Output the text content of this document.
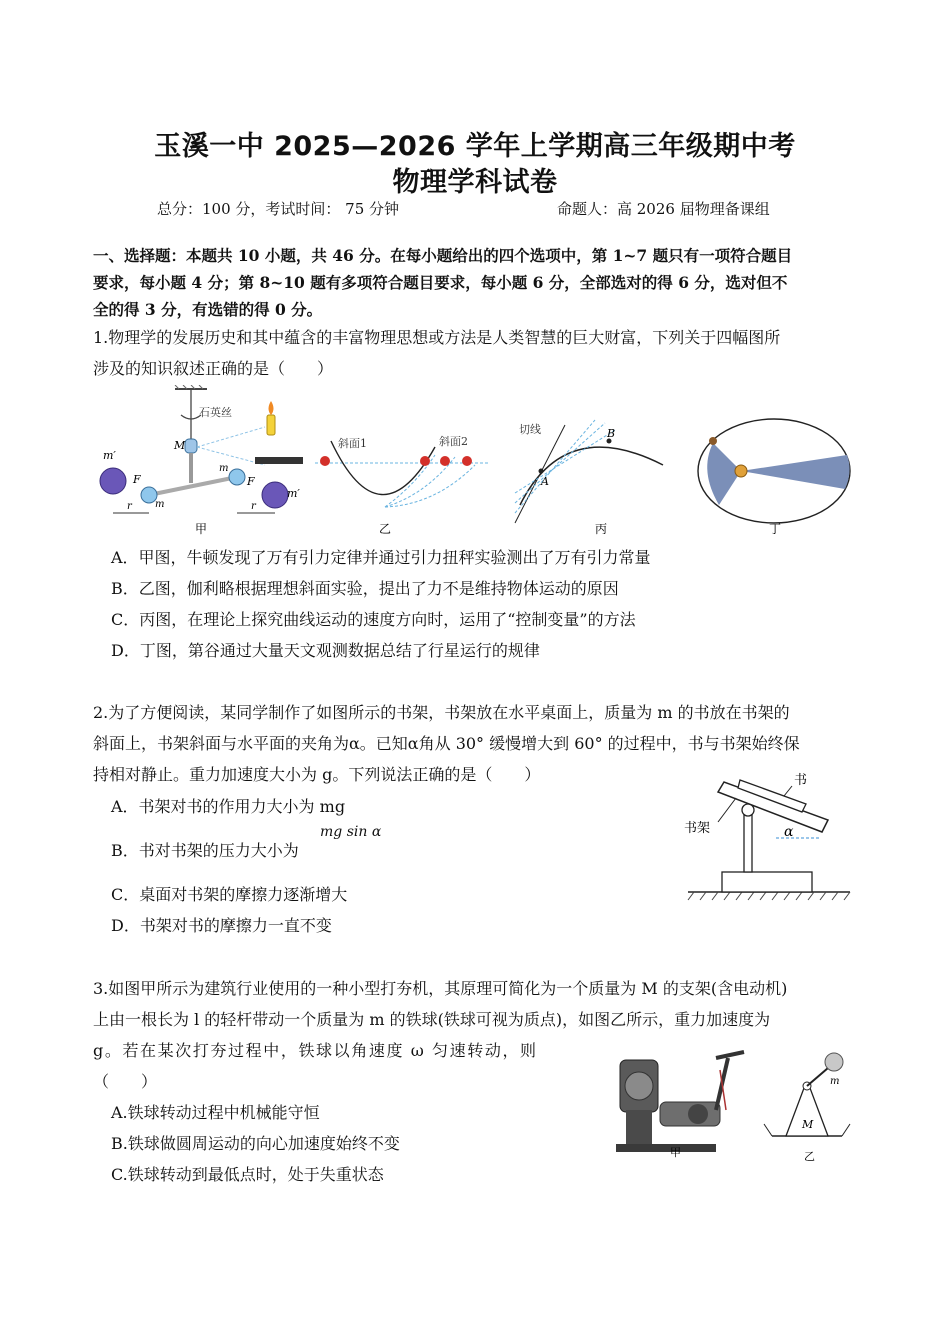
玉溪一中 2025—2026 学年上学期高三年级期中考
物理学科试卷
总分：100 分，考试时间： 75 分钟	命题人：高 2026 届物理备课组
一、选择题：本题共 10 小题，共 46 分。在每小题给出的四个选项中，第 1~7 题只有一项符合题目
要求，每小题 4 分；第 8~10 题有多项符合题目要求，每小题 6 分，全部选对的得 6 分，选对但不
全的得 3 分，有选错的得 0 分。
1.物理学的发展历史和其中蕴含的丰富物理思想或方法是人类智慧的巨大财富，下列关于四幅图所
涉及的知识叙述正确的是（　　）
石英丝
M
m′
m′
F	F
m
m
r	r
甲
斜面1	斜面2
乙
切线
A
B
丙	丁
A．甲图，牛顿发现了万有引力定律并通过引力扭秤实验测出了万有引力常量
B．乙图，伽利略根据理想斜面实验，提出了力不是维持物体运动的原因
C．丙图，在理论上探究曲线运动的速度方向时，运用了“控制变量”的方法
D．丁图，第谷通过大量天文观测数据总结了行星运行的规律
2.为了方便阅读，某同学制作了如图所示的书架，书架放在水平桌面上，质量为 m 的书放在书架的
斜面上，书架斜面与水平面的夹角为α。已知α角从 30° 缓慢增大到 60° 的过程中，书与书架始终保
持相对静止。重力加速度大小为 g。下列说法正确的是（　　）
A．书架对书的作用力大小为 mg
B．书对书架的压力大小为
mg sin α
C．桌面对书架的摩擦力逐渐增大
D．书架对书的摩擦力一直不变
α
书
书架
3.如图甲所示为建筑行业使用的一种小型打夯机，其原理可简化为一个质量为 M 的支架(含电动机)
上由一根长为 l 的轻杆带动一个质量为 m 的铁球(铁球可视为质点)，如图乙所示，重力加速度为
g。若在某次打夯过程中，铁球以角速度 ω 匀速转动，则
（　　）
A.铁球转动过程中机械能守恒
B.铁球做圆周运动的向心加速度始终不变
C.铁球转动到最低点时，处于失重状态
甲
M
m
乙
